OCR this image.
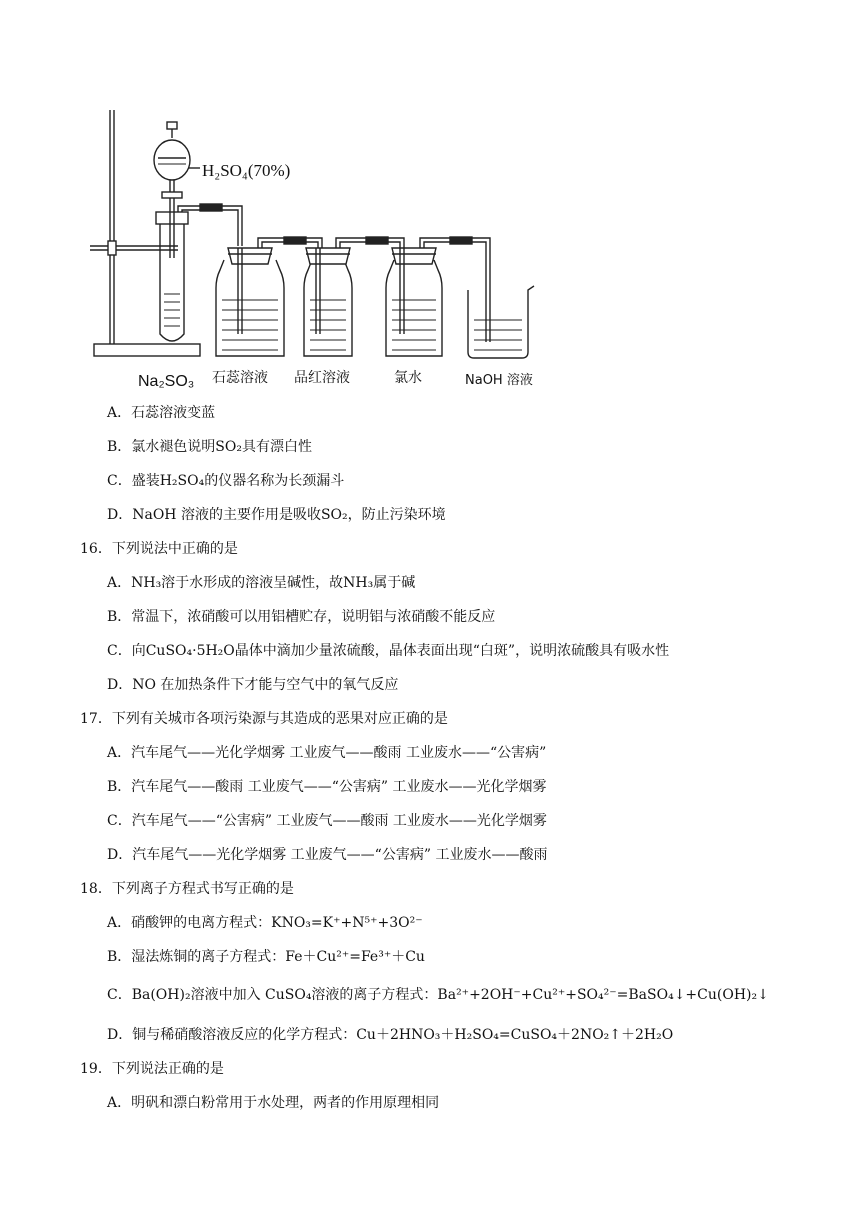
H₂SO₄(70%)
Na₂SO₃ 石蕊溶液 品红溶液	氯水	NaOH 溶液
A．石蕊溶液变蓝
B．氯水褪色说明SO₂具有漂白性
C．盛装H₂SO₄的仪器名称为长颈漏斗
D．NaOH 溶液的主要作用是吸收SO₂，防止污染环境
16．下列说法中正确的是
A．NH₃溶于水形成的溶液呈碱性，故NH₃属于碱
B．常温下，浓硝酸可以用铝槽贮存，说明铝与浓硝酸不能反应
C．向CuSO₄·5H₂O晶体中滴加少量浓硫酸，晶体表面出现“白斑”，说明浓硫酸具有吸水性
D．NO 在加热条件下才能与空气中的氧气反应
17．下列有关城市各项污染源与其造成的恶果对应正确的是
A．汽车尾气——光化学烟雾 工业废气——酸雨 工业废水——“公害病”
B．汽车尾气——酸雨 工业废气——“公害病” 工业废水——光化学烟雾
C．汽车尾气——“公害病” 工业废气——酸雨 工业废水——光化学烟雾
D．汽车尾气——光化学烟雾 工业废气——“公害病” 工业废水——酸雨
18．下列离子方程式书写正确的是
A．硝酸钾的电离方程式：KNO₃=K⁺+N⁵⁺+3O²⁻
B．湿法炼铜的离子方程式：Fe＋Cu²⁺=Fe³⁺＋Cu
C．Ba(OH)₂溶液中加入 CuSO₄溶液的离子方程式：Ba²⁺+2OH⁻+Cu²⁺+SO₄²⁻=BaSO₄↓+Cu(OH)₂↓
D．铜与稀硝酸溶液反应的化学方程式：Cu＋2HNO₃＋H₂SO₄=CuSO₄＋2NO₂↑＋2H₂O
19．下列说法正确的是
A．明矾和漂白粉常用于水处理，两者的作用原理相同
